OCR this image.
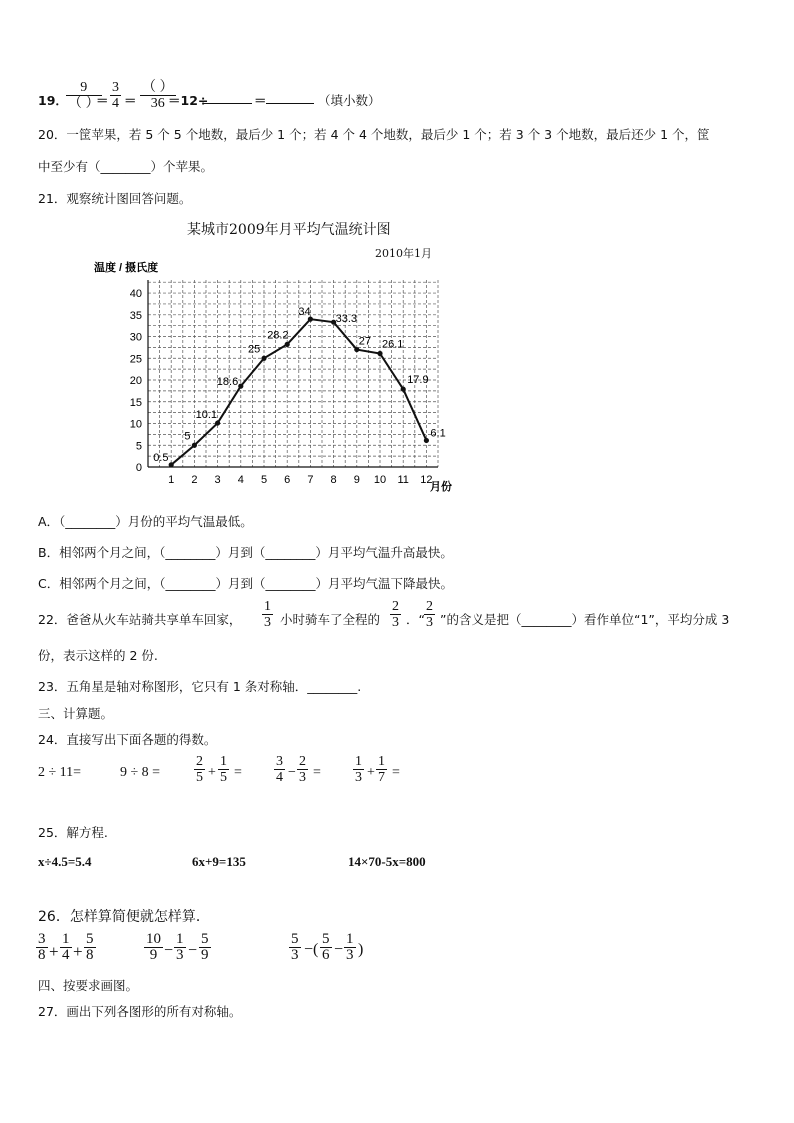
19．
9
（ ）
＝ $\frac{3}{4}$ ＝
（ ）
36 ＝12÷	＝	（填小数）
20．一筐苹果，若 5 个 5 个地数，最后少 1 个；若 4 个 4 个地数，最后少 1 个；若 3 个 3 个地数，最后还少 1 个，筐
中至少有（________）个苹果。
21．观察统计图回答问题。
某城市2009年月平均气温统计图
2010年1月
温度 / 摄氏度
月份
0
5
10
15
20
25
30
35
40
1 2 3 4 5 6 7 8 9 10 11 12
0.5
5
10.1
18.6
25
28.2
34
33.3
27 26.1
17.9
6.1
A．（________）月份的平均气温最低。
B．相邻两个月之间，（________）月到（________）月平均气温升高最快。
C．相邻两个月之间，（________）月到（________）月平均气温下降最快。
22．爸爸从火车站骑共享单车回家， $\frac{1}{3}$ 小时骑车了全程的 $\frac{2}{3}$ ．“ $\frac{2}{3}$ ”的含义是把（________）看作单位“1”，平均分成 3
份，表示这样的 2 份.
23．五角星是轴对称图形，它只有 1 条对称轴．________.
三、计算题。
24．直接写出下面各题的得数。
2 ÷ 11=	$9 \div 8 = \frac{2}{5} + \frac{1}{5} = \frac{3}{4} - \frac{2}{3} = \frac{1}{3} + \frac{1}{7}$ =
25．解方程.
x÷4.5=5.4	6x+9=135	14×70-5x=800
26．怎样算简便就怎样算．
$\frac{3}{8} + \frac{1}{4} + \frac{5}{8}$	$\frac{10}{9} - \frac{1}{3} - \frac{5}{9}$	$\frac{5}{3}$ −( $\frac{5}{6} - \frac{1}{3}$ )
四、按要求画图。
27．画出下列各图形的所有对称轴。
